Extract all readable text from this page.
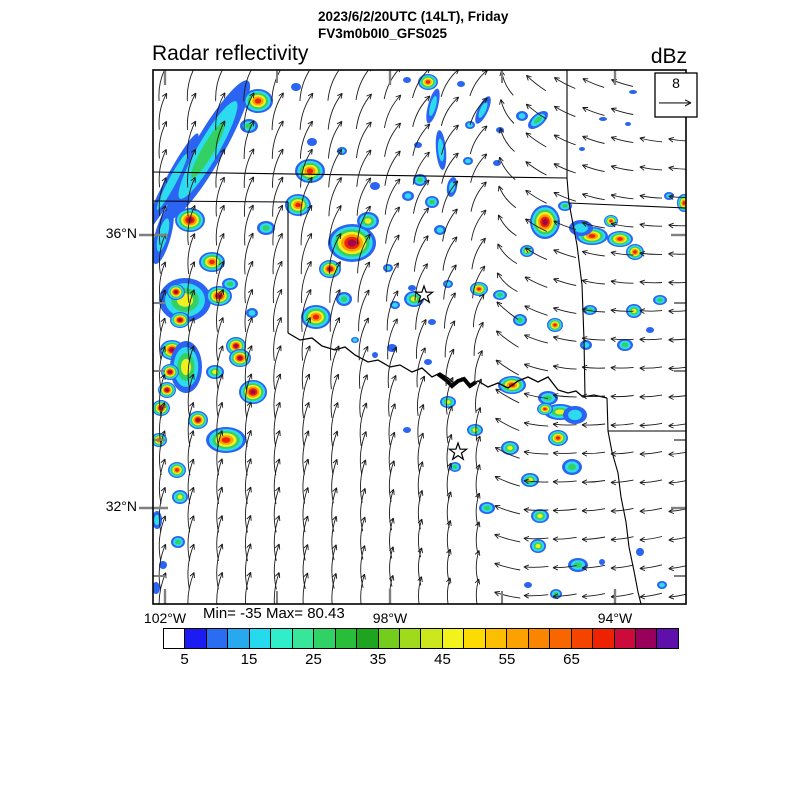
2023/6/2/20UTC (14LT), Friday
FV3m0b0I0_GFS025
Radar reflectivity	dBz
Min= -35 Max= 80.43
8
36°N
32°N
102°W	98°W	94°W
5	15	25	35	45	55	65
